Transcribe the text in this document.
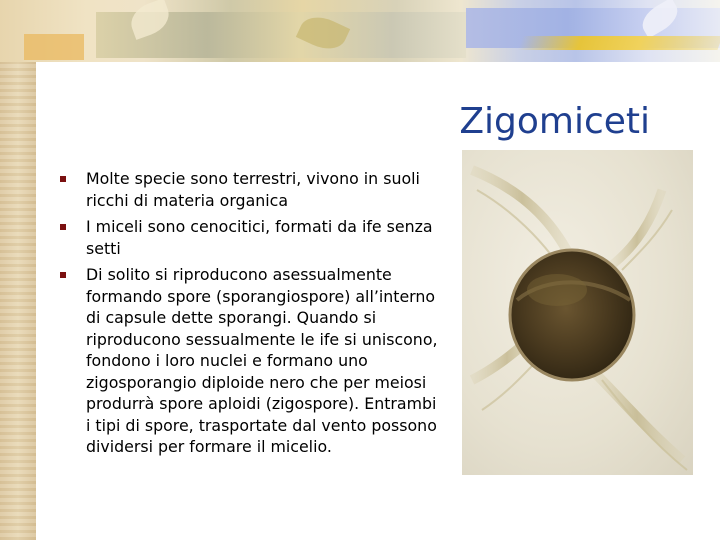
Zigomiceti
Molte specie sono terrestri, vivono in suoli ricchi di materia organica
I miceli sono cenocitici, formati da ife senza setti
Di solito si riproducono asessualmente formando spore (sporangiospore) all’interno di capsule dette sporangi. Quando si riproducono sessualmente le ife si uniscono, fondono i loro nuclei e formano uno zigosporangio diploide nero che per meiosi produrrà spore aploidi (zigospore). Entrambi i tipi di spore, trasportate dal vento possono dividersi per formare il micelio.
